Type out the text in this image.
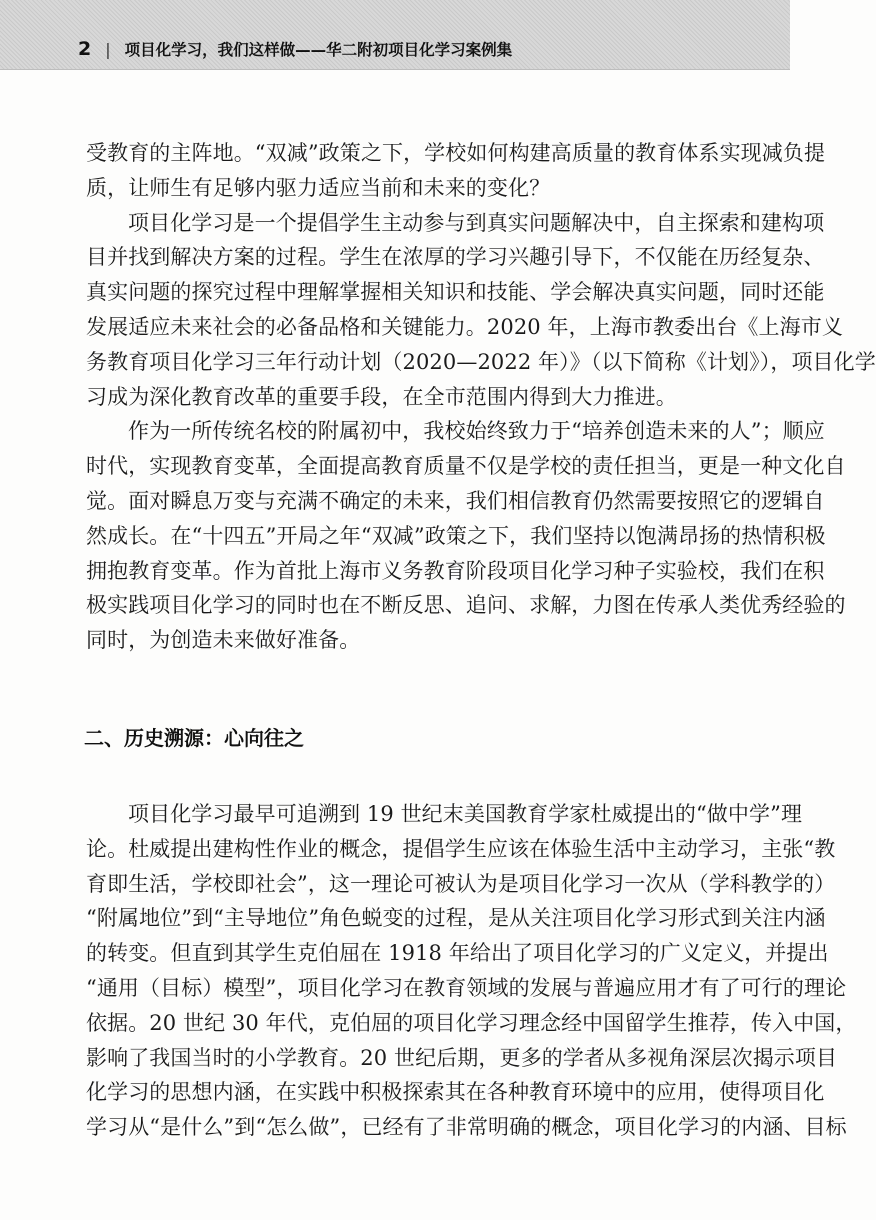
2 | 项目化学习，我们这样做——华二附初项目化学习案例集

受教育的主阵地。“双减”政策之下，学校如何构建高质量的教育体系实现减负提
质，让师生有足够内驱力适应当前和未来的变化？

项目化学习是一个提倡学生主动参与到真实问题解决中，自主探索和建构项
目并找到解决方案的过程。学生在浓厚的学习兴趣引导下，不仅能在历经复杂、
真实问题的探究过程中理解掌握相关知识和技能、学会解决真实问题，同时还能
发展适应未来社会的必备品格和关键能力。2020 年，上海市教委出台《上海市义
务教育项目化学习三年行动计划（2020—2022 年）》（以下简称《计划》），项目化学
习成为深化教育改革的重要手段，在全市范围内得到大力推进。

作为一所传统名校的附属初中，我校始终致力于“培养创造未来的人”；顺应
时代，实现教育变革，全面提高教育质量不仅是学校的责任担当，更是一种文化自
觉。面对瞬息万变与充满不确定的未来，我们相信教育仍然需要按照它的逻辑自
然成长。在“十四五”开局之年“双减”政策之下，我们坚持以饱满昂扬的热情积极
拥抱教育变革。作为首批上海市义务教育阶段项目化学习种子实验校，我们在积
极实践项目化学习的同时也在不断反思、追问、求解，力图在传承人类优秀经验的
同时，为创造未来做好准备。

二、历史溯源：心向往之

项目化学习最早可追溯到 19 世纪末美国教育学家杜威提出的“做中学”理
论。杜威提出建构性作业的概念，提倡学生应该在体验生活中主动学习，主张“教
育即生活，学校即社会”，这一理论可被认为是项目化学习一次从（学科教学的）
“附属地位”到“主导地位”角色蜕变的过程，是从关注项目化学习形式到关注内涵
的转变。但直到其学生克伯屈在 1918 年给出了项目化学习的广义定义，并提出
“通用（目标）模型”，项目化学习在教育领域的发展与普遍应用才有了可行的理论
依据。20 世纪 30 年代，克伯屈的项目化学习理念经中国留学生推荐，传入中国，
影响了我国当时的小学教育。20 世纪后期，更多的学者从多视角深层次揭示项目
化学习的思想内涵，在实践中积极探索其在各种教育环境中的应用，使得项目化
学习从“是什么”到“怎么做”，已经有了非常明确的概念，项目化学习的内涵、目标
